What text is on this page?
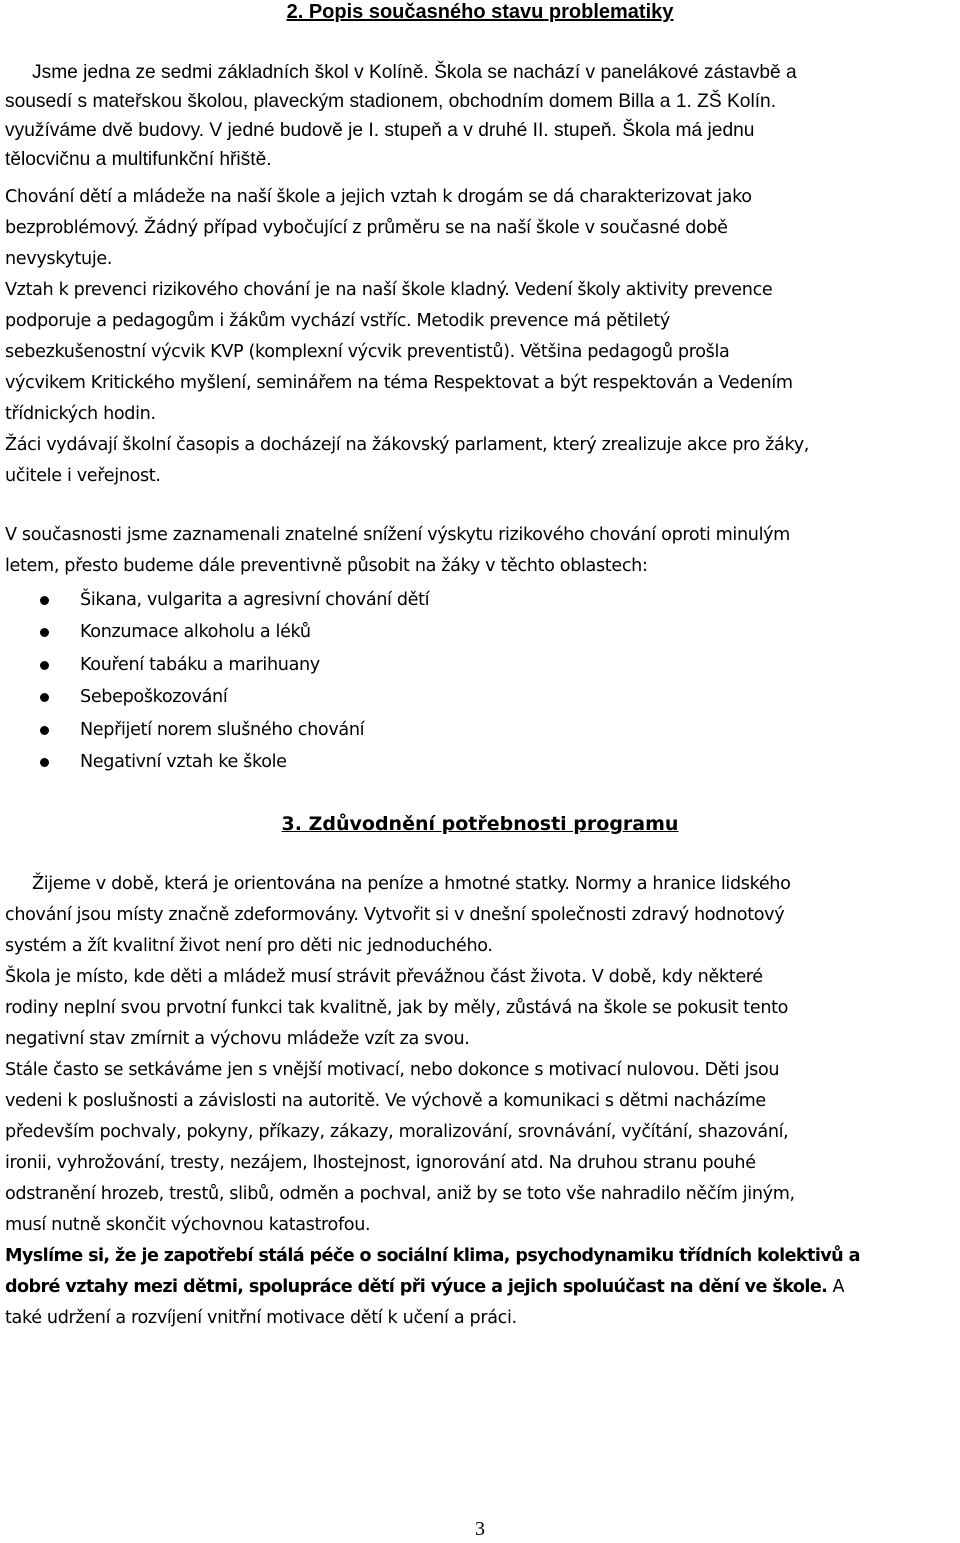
2. Popis současného stavu problematiky
Jsme jedna ze sedmi základních škol v Kolíně. Škola se nachází v panelákové zástavbě a
sousedí s mateřskou školou, plaveckým stadionem, obchodním domem Billa a 1. ZŠ Kolín.
využíváme dvě budovy. V jedné budově je I. stupeň a v druhé II. stupeň. Škola má jednu
tělocvičnu a multifunkční hřiště.
Chování dětí a mládeže na naší škole a jejich vztah k drogám se dá charakterizovat jako
bezproblémový. Žádný případ vybočující z průměru se na naší škole v současné době
nevyskytuje.
Vztah k prevenci rizikového chování je na naší škole kladný. Vedení školy aktivity prevence
podporuje a pedagogům i žákům vychází vstříc. Metodik prevence má pětiletý
sebezkušenostní výcvik KVP (komplexní výcvik preventistů). Většina pedagogů prošla
výcvikem Kritického myšlení, seminářem na téma Respektovat a být respektován a Vedením
třídnických hodin.
Žáci vydávají školní časopis a docházejí na žákovský parlament, který zrealizuje akce pro žáky,
učitele i veřejnost.
V současnosti jsme zaznamenali znatelné snížení výskytu rizikového chování oproti minulým
letem, přesto budeme dále preventivně působit na žáky v těchto oblastech:
Šikana, vulgarita a agresivní chování dětí
Konzumace alkoholu a léků
Kouření tabáku a marihuany
Sebepoškozování
Nepřijetí norem slušného chování
Negativní vztah ke škole
3. Zdůvodnění potřebnosti programu
Žijeme v době, která je orientována na peníze a hmotné statky. Normy a hranice lidského
chování jsou místy značně zdeformovány. Vytvořit si v dnešní společnosti zdravý hodnotový
systém a žít kvalitní život není pro děti nic jednoduchého.
Škola je místo, kde děti a mládež musí strávit převážnou část života. V době, kdy některé
rodiny neplní svou prvotní funkci tak kvalitně, jak by měly, zůstává na škole se pokusit tento
negativní stav zmírnit a výchovu mládeže vzít za svou.
Stále často se setkáváme jen s vnější motivací, nebo dokonce s motivací nulovou. Děti jsou
vedeni k poslušnosti a závislosti na autoritě. Ve výchově a komunikaci s dětmi nacházíme
především pochvaly, pokyny, příkazy, zákazy, moralizování, srovnávání, vyčítání, shazování,
ironii, vyhrožování, tresty, nezájem, lhostejnost, ignorování atd. Na druhou stranu pouhé
odstranění hrozeb, trestů, slibů, odměn a pochval, aniž by se toto vše nahradilo něčím jiným,
musí nutně skončit výchovnou katastrofou.
Myslíme si, že je zapotřebí stálá péče o sociální klima, psychodynamiku třídních kolektivů a
dobré vztahy mezi dětmi, spolupráce dětí při výuce a jejich spoluúčast na dění ve škole. A
také udržení a rozvíjení vnitřní motivace dětí k učení a práci.
3
